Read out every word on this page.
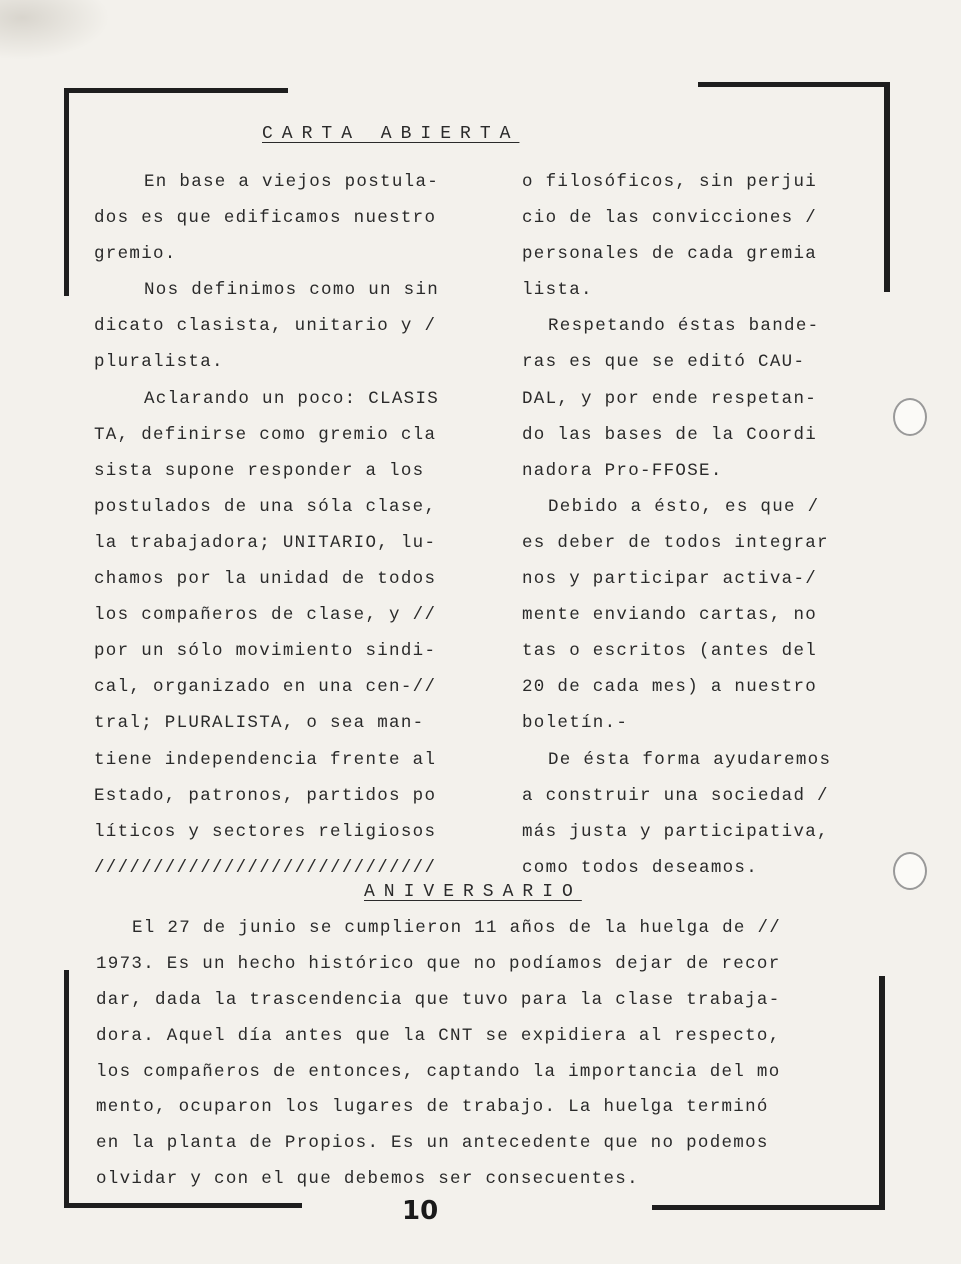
CARTA ABIERTA
En base a viejos postula-
dos es que edificamos nuestro
gremio.
Nos definimos como un sin
dicato clasista, unitario y /
pluralista.
Aclarando un poco: CLASIS
TA, definirse como gremio cla
sista supone responder a los
postulados de una sóla clase,
la trabajadora; UNITARIO, lu-
chamos por la unidad de todos
los compañeros de clase, y //
por un sólo movimiento sindi-
cal, organizado en una cen-//
tral; PLURALISTA, o sea man-
tiene independencia frente al
Estado, patronos, partidos po
líticos y sectores religiosos
/////////////////////////////
o filosóficos, sin perjui
cio de las convicciones /
personales de cada gremia
lista.
Respetando éstas bande-
ras es que se editó CAU-
DAL, y por ende respetan-
do las bases de la Coordi
nadora Pro-FFOSE.
Debido a ésto, es que /
es deber de todos integrar
nos y participar activa-/
mente enviando cartas, no
tas o escritos (antes del
20 de cada mes) a nuestro
boletín.-
De ésta forma ayudaremos
a construir una sociedad /
más justa y participativa,
como todos deseamos.
ANIVERSARIO
El 27 de junio se cumplieron 11 años de la huelga de //
1973. Es un hecho histórico que no podíamos dejar de recor
dar, dada la trascendencia que tuvo para la clase trabaja-
dora. Aquel día antes que la CNT se expidiera al respecto,
los compañeros de entonces, captando la importancia del mo
mento, ocuparon los lugares de trabajo. La huelga terminó
en la planta de Propios. Es un antecedente que no podemos
olvidar y con el que debemos ser consecuentes.
10
